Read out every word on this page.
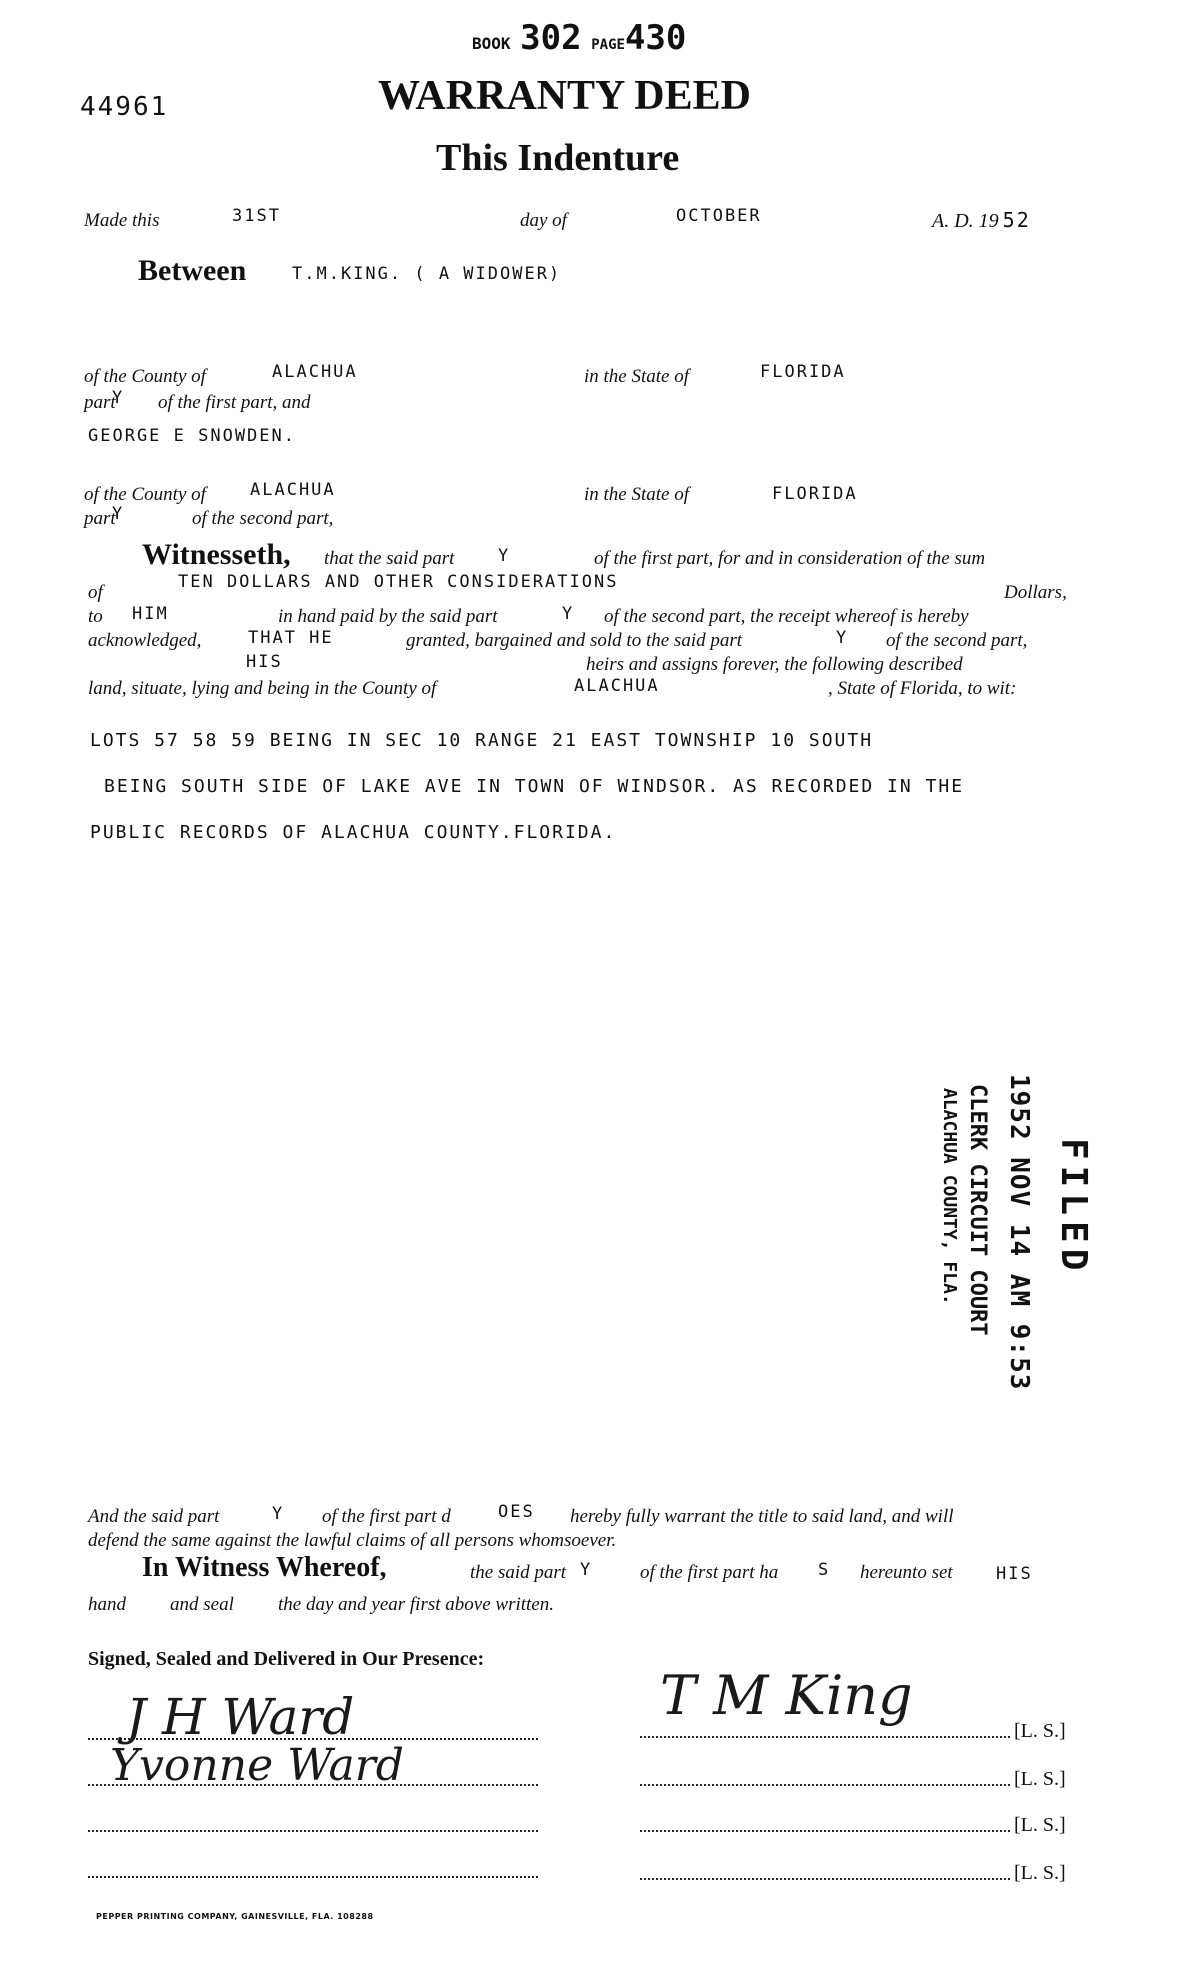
BOOK 302 PAGE430
44961	WARRANTY DEED
This Indenture
Made this	31ST	day of	OCTOBER	A. D. 19 52
Between	T.M.KING. ( A WIDOWER)
of the County of	ALACHUA	in the State of	FLORIDA
part
Y of the first part, and
GEORGE E SNOWDEN.
of the County of	ALACHUA	in the State of	FLORIDA
part
Y	of the second part,
Witnesseth, that the said part	Y	of the first part, for and in consideration of the sum
of	TEN DOLLARS AND OTHER CONSIDERATIONS	Dollars,
to HIM	in hand paid by the said part	Y of the second part, the receipt whereof is hereby
acknowledged,	THAT HE	granted, bargained and sold to the said part	Y of the second part,
HIS	heirs and assigns forever, the following described
land, situate, lying and being in the County of	ALACHUA	, State of Florida, to wit:
LOTS 57 58 59 BEING IN SEC 10 RANGE 21 EAST TOWNSHIP 10 SOUTH
BEING SOUTH SIDE OF LAKE AVE IN TOWN OF WINDSOR. AS RECORDED IN THE
PUBLIC RECORDS OF ALACHUA COUNTY.FLORIDA.
FILED
1952 NOV 14 AM 9:53
CLERK CIRCUIT COURT
ALACHUA COUNTY, FLA.
And the said part	Y of the first part d	OES hereby fully warrant the title to said land, and will
defend the same against the lawful claims of all persons whomsoever.
In Witness Whereof,	the said part Y	of the first part ha S hereunto set	HIS
hand and seal the day and year first above written.
Signed, Sealed and Delivered in Our Presence:
J H Ward
Yvonne Ward
T M King
[L. S.]
[L. S.]
[L. S.]
[L. S.]
PEPPER PRINTING COMPANY, GAINESVILLE, FLA. 108288
